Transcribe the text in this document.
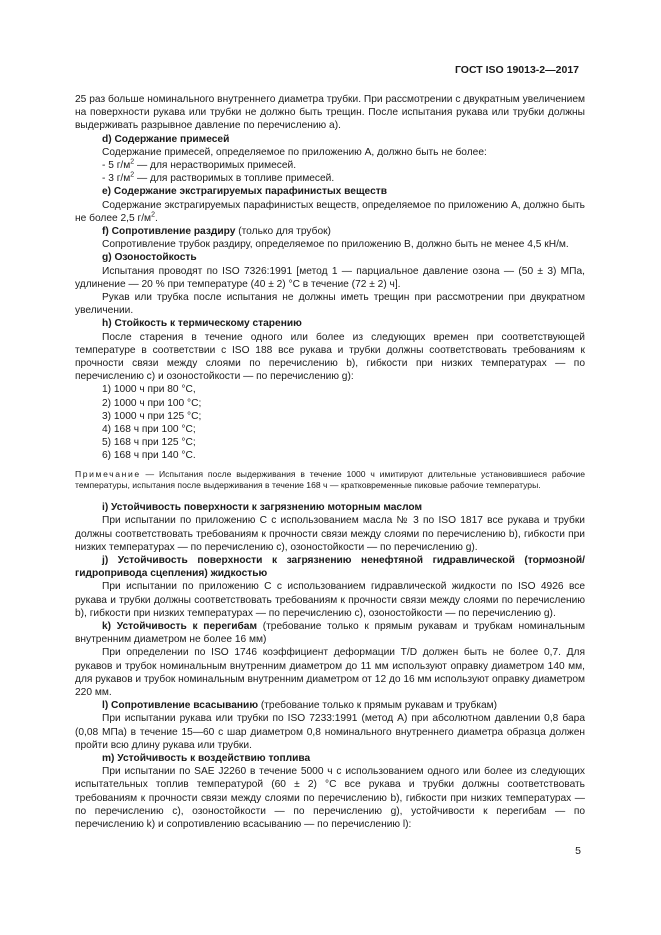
ГОСТ ISO 19013-2—2017

25 раз больше номинального внутреннего диаметра трубки. При рассмотрении с двукратным увеличением на поверхности рукава или трубки не должно быть трещин. После испытания рукава или трубки должны выдерживать разрывное давление по перечислению а).

d) Содержание примесей

Содержание примесей, определяемое по приложению А, должно быть не более:

- 5 $г/м^2$ — для нерастворимых примесей.

- 3 $г/м^2$ — для растворимых в топливе примесей.

е) Содержание экстрагируемых парафинистых веществ

Содержание экстрагируемых парафинистых веществ, определяемое по приложению А, должно быть не более 2,5 $г/м^2$.

f) Сопротивление раздиру (только для трубок)

Сопротивление трубок раздиру, определяемое по приложению В, должно быть не менее 4,5 кН/м.

g) Озоностойкость

Испытания проводят по ISO 7326:1991 [метод 1 — парциальное давление озона — (50 ± 3) МПа, удлинение — 20 % при температуре (40 ± 2) °С в течение (72 ± 2) ч].

Рукав или трубка после испытания не должны иметь трещин при рассмотрении при двукратном увеличении.

h) Стойкость к термическому старению

После старения в течение одного или более из следующих времен при соответствующей температуре в соответствии с ISO 188 все рукава и трубки должны соответствовать требованиям к прочности связи между слоями по перечислению b), гибкости при низких температурах — по перечислению с) и озоностойкости — по перечислению g):

1) 1000 ч при 80 °С,

2) 1000 ч при 100 °С;

3) 1000 ч при 125 °С;

4) 168 ч при 100 °С;

5) 168 ч при 125 °С;

6) 168 ч при 140 °С.

Примечание — Испытания после выдерживания в течение 1000 ч имитируют длительные установившиеся рабочие температуры, испытания после выдерживания в течение 168 ч — кратковременные пиковые рабочие температуры.

i) Устойчивость поверхности к загрязнению моторным маслом

При испытании по приложению С с использованием масла № 3 по ISO 1817 все рукава и трубки должны соответствовать требованиям к прочности связи между слоями по перечислению b), гибкости при низких температурах — по перечислению с), озоностойкости — по перечислению g).

j) Устойчивость поверхности к загрязнению ненефтяной гидравлической (тормозной/гидропривода сцепления) жидкостью

При испытании по приложению С с использованием гидравлической жидкости по ISO 4926 все рукава и трубки должны соответствовать требованиям к прочности связи между слоями по перечислению b), гибкости при низких температурах — по перечислению с), озоностойкости — по перечислению g).

k) Устойчивость к перегибам (требование только к прямым рукавам и трубкам номинальным внутренним диаметром не более 16 мм)

При определении по ISO 1746 коэффициент деформации T/D должен быть не более 0,7. Для рукавов и трубок номинальным внутренним диаметром до 11 мм используют оправку диаметром 140 мм, для рукавов и трубок номинальным внутренним диаметром от 12 до 16 мм используют оправку диаметром 220 мм.

l) Сопротивление всасыванию (требование только к прямым рукавам и трубкам)

При испытании рукава или трубки по ISO 7233:1991 (метод А) при абсолютном давлении 0,8 бара (0,08 МПа) в течение 15—60 с шар диаметром 0,8 номинального внутреннего диаметра образца должен пройти всю длину рукава или трубки.

m) Устойчивость к воздействию топлива

При испытании по SAE J2260 в течение 5000 ч с использованием одного или более из следующих испытательных топлив температурой (60 ± 2) °С все рукава и трубки должны соответствовать требованиям к прочности связи между слоями по перечислению b), гибкости при низких температурах — по перечислению с), озоностойкости — по перечислению g), устойчивости к перегибам — по перечислению k) и сопротивлению всасыванию — по перечислению l):

5
